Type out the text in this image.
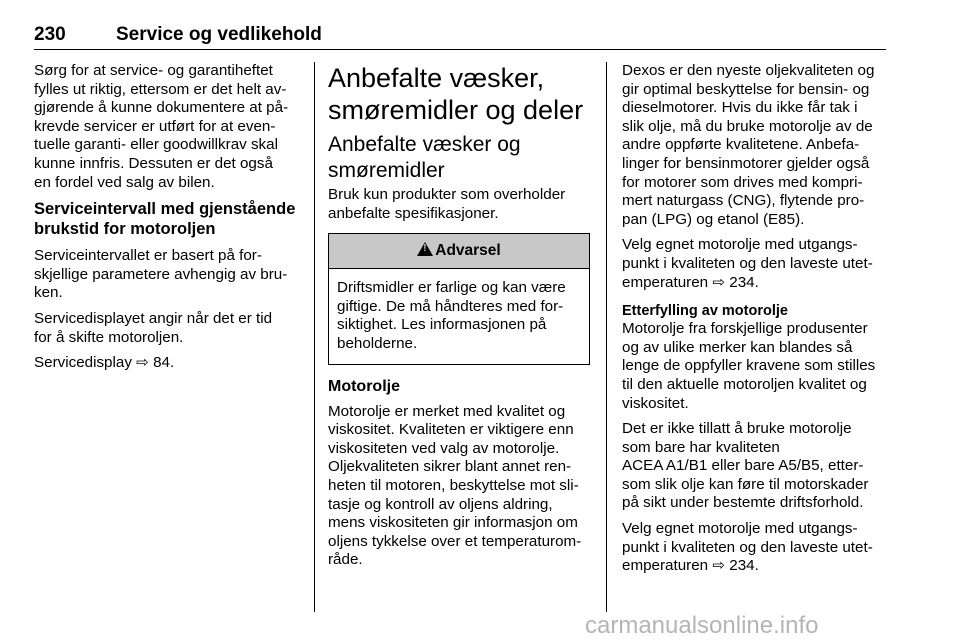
230	Service og vedlikehold
Sørg for at service- og garantiheftet
fylles ut riktig, ettersom er det helt av-
gjørende å kunne dokumentere at på-
krevde servicer er utført for at even-
tuelle garanti- eller goodwillkrav skal
kunne innfris. Dessuten er det også
en fordel ved salg av bilen.
Serviceintervall med gjenstående
brukstid for motoroljen
Serviceintervallet er basert på for-
skjellige parametere avhengig av bru-
ken.
Servicedisplayet angir når det er tid
for å skifte motoroljen.
Servicedisplay ⇨ 84.
Anbefalte væsker,
smøremidler og deler
Anbefalte væsker og
smøremidler
Bruk kun produkter som overholder
anbefalte spesifikasjoner.
!Advarsel
Driftsmidler er farlige og kan være
giftige. De må håndteres med for-
siktighet. Les informasjonen på
beholderne.
Motorolje
Motorolje er merket med kvalitet og
viskositet. Kvaliteten er viktigere enn
viskositeten ved valg av motorolje.
Oljekvaliteten sikrer blant annet ren-
heten til motoren, beskyttelse mot sli-
tasje og kontroll av oljens aldring,
mens viskositeten gir informasjon om
oljens tykkelse over et temperaturom-
råde.
Dexos er den nyeste oljekvaliteten og
gir optimal beskyttelse for bensin- og
dieselmotorer. Hvis du ikke får tak i
slik olje, må du bruke motorolje av de
andre oppførte kvalitetene. Anbefa-
linger for bensinmotorer gjelder også
for motorer som drives med kompri-
mert naturgass (CNG), flytende pro-
pan (LPG) og etanol (E85).
Velg egnet motorolje med utgangs-
punkt i kvaliteten og den laveste utet-
emperaturen ⇨ 234.
Etterfylling av motorolje
Motorolje fra forskjellige produsenter
og av ulike merker kan blandes så
lenge de oppfyller kravene som stilles
til den aktuelle motoroljen kvalitet og
viskositet.
Det er ikke tillatt å bruke motorolje
som bare har kvaliteten
ACEA A1/B1 eller bare A5/B5, etter-
som slik olje kan føre til motorskader
på sikt under bestemte driftsforhold.
Velg egnet motorolje med utgangs-
punkt i kvaliteten og den laveste utet-
emperaturen ⇨ 234.
carmanualsonline.info
